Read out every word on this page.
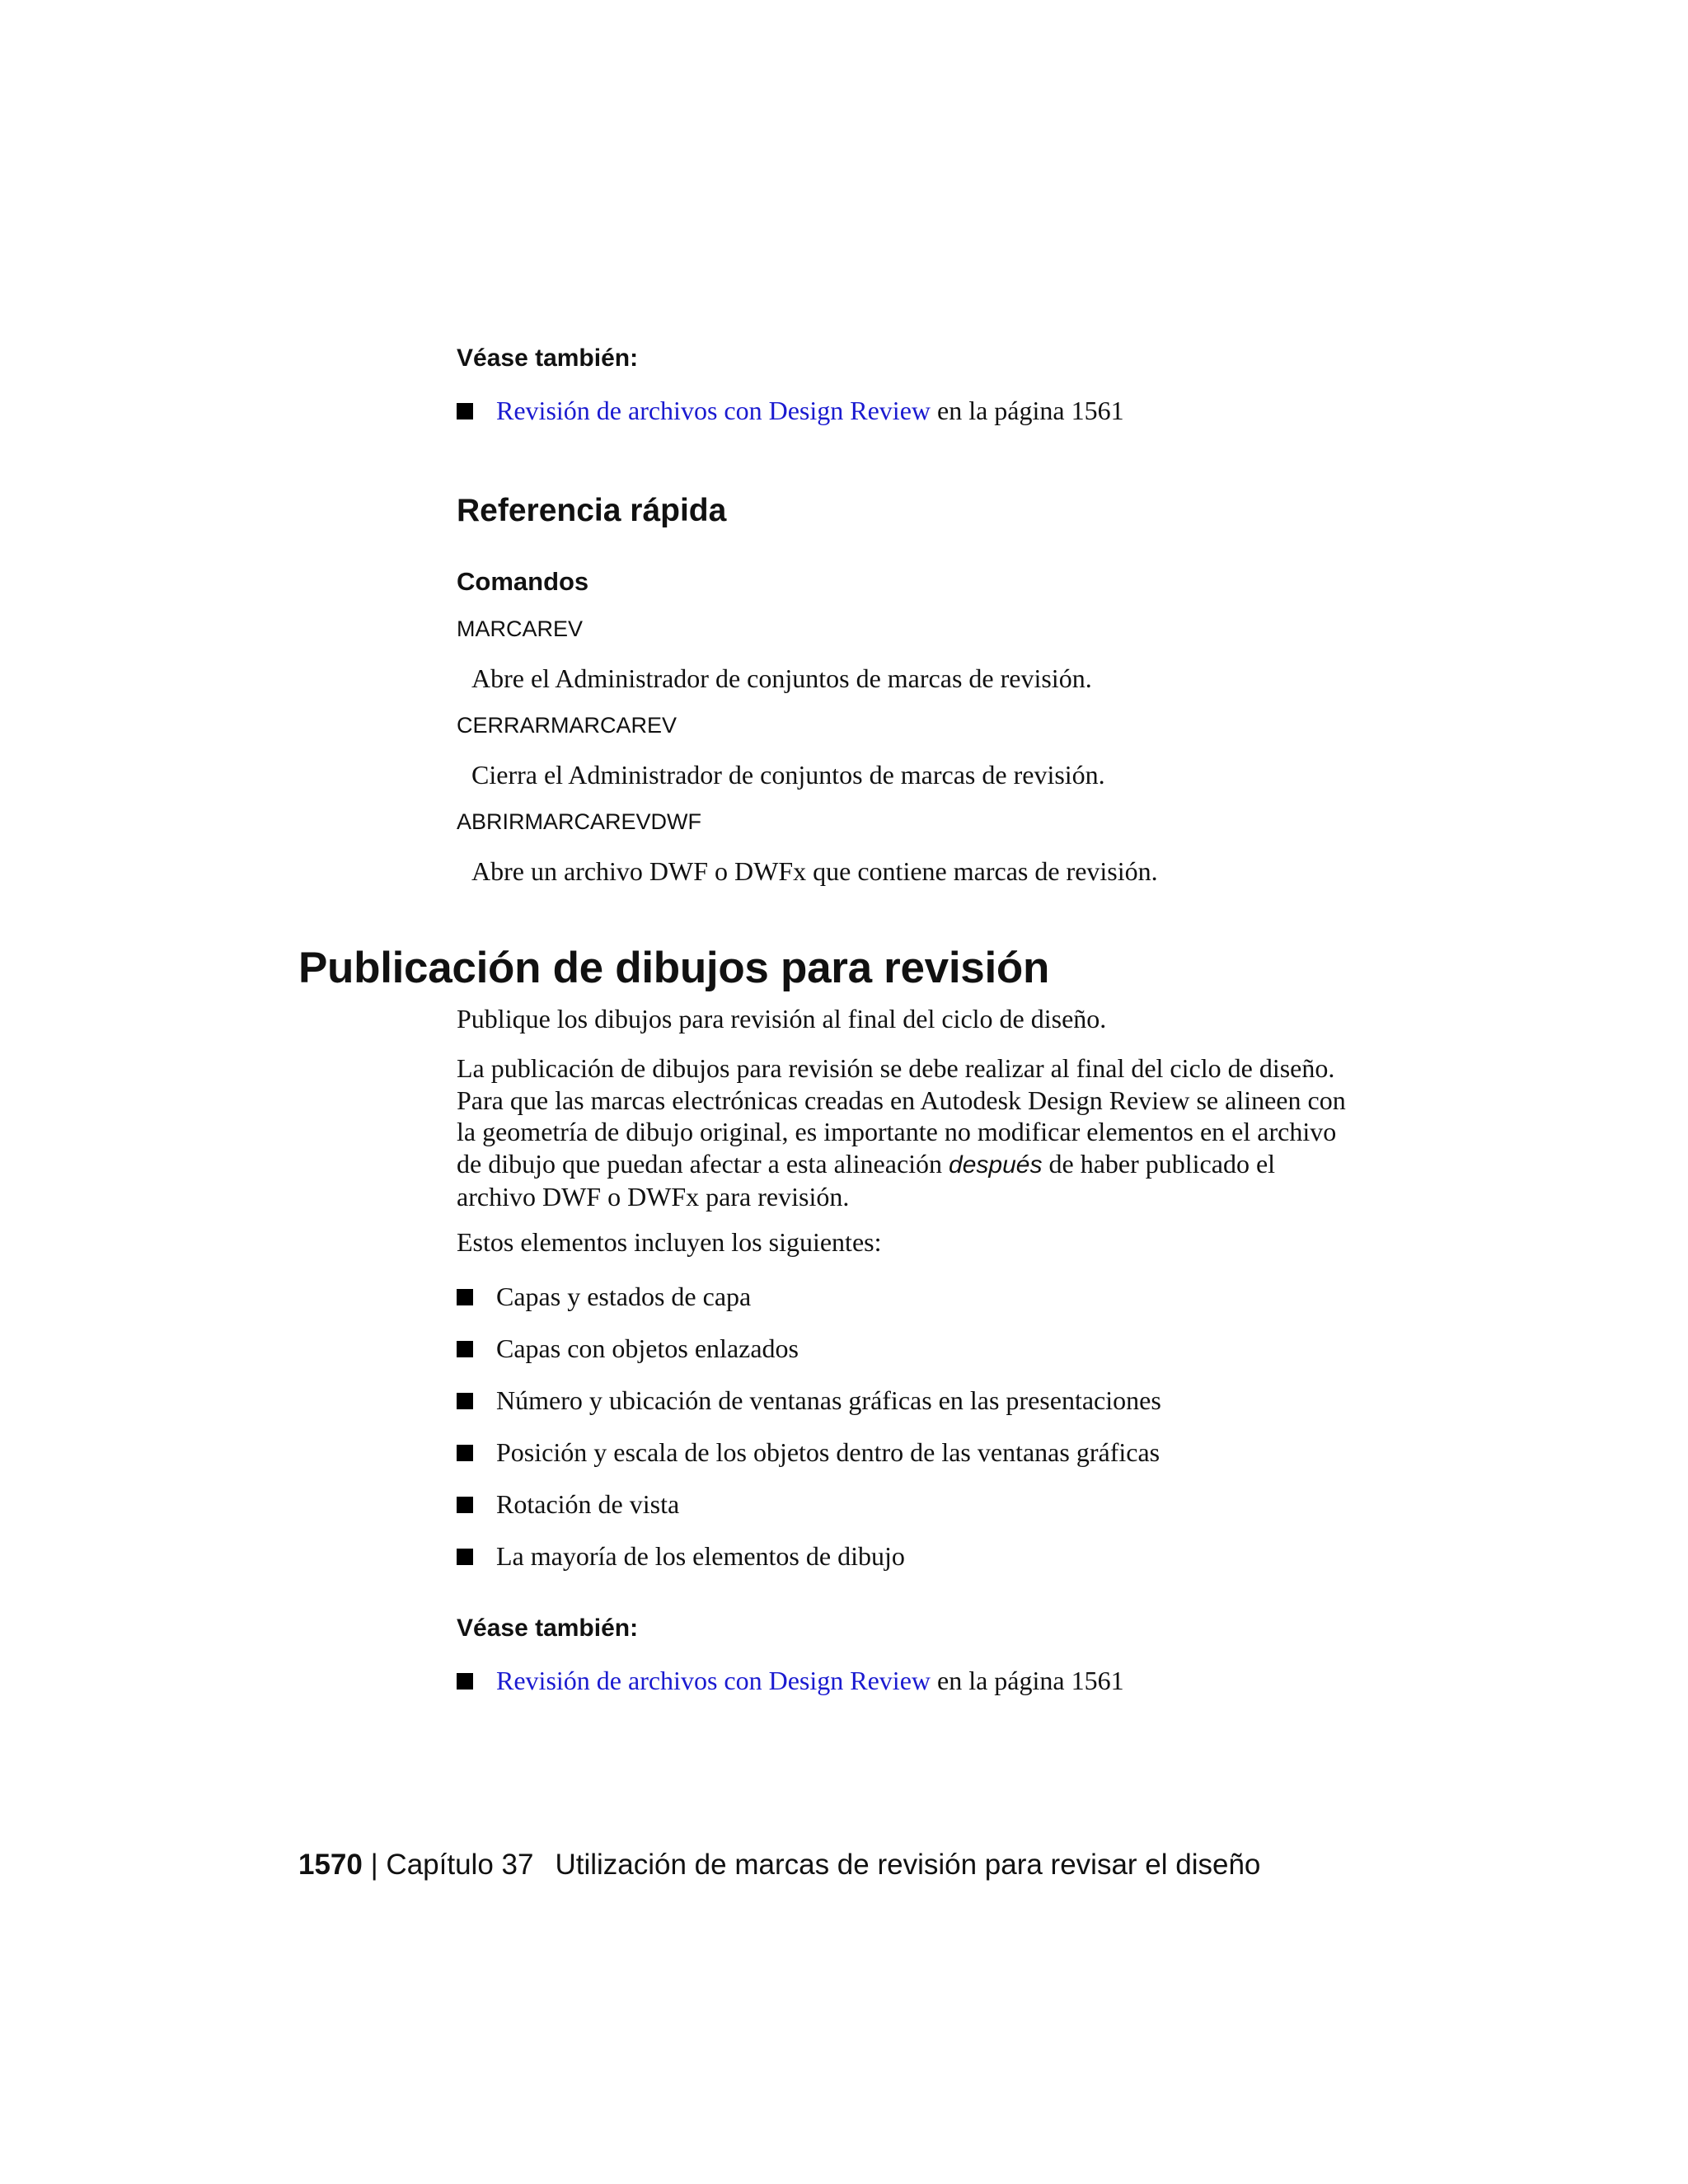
Véase también:
Revisión de archivos con Design Review en la página 1561
Referencia rápida
Comandos
MARCAREV
Abre el Administrador de conjuntos de marcas de revisión.
CERRARMARCAREV
Cierra el Administrador de conjuntos de marcas de revisión.
ABRIRMARCAREVDWF
Abre un archivo DWF o DWFx que contiene marcas de revisión.
Publicación de dibujos para revisión
Publique los dibujos para revisión al final del ciclo de diseño.
La publicación de dibujos para revisión se debe realizar al final del ciclo de diseño. Para que las marcas electrónicas creadas en Autodesk Design Review se alineen con la geometría de dibujo original, es importante no modificar elementos en el archivo de dibujo que puedan afectar a esta alineación después de haber publicado el archivo DWF o DWFx para revisión.
Estos elementos incluyen los siguientes:
Capas y estados de capa
Capas con objetos enlazados
Número y ubicación de ventanas gráficas en las presentaciones
Posición y escala de los objetos dentro de las ventanas gráficas
Rotación de vista
La mayoría de los elementos de dibujo
Véase también:
Revisión de archivos con Design Review en la página 1561
1570 | Capítulo 37 Utilización de marcas de revisión para revisar el diseño
